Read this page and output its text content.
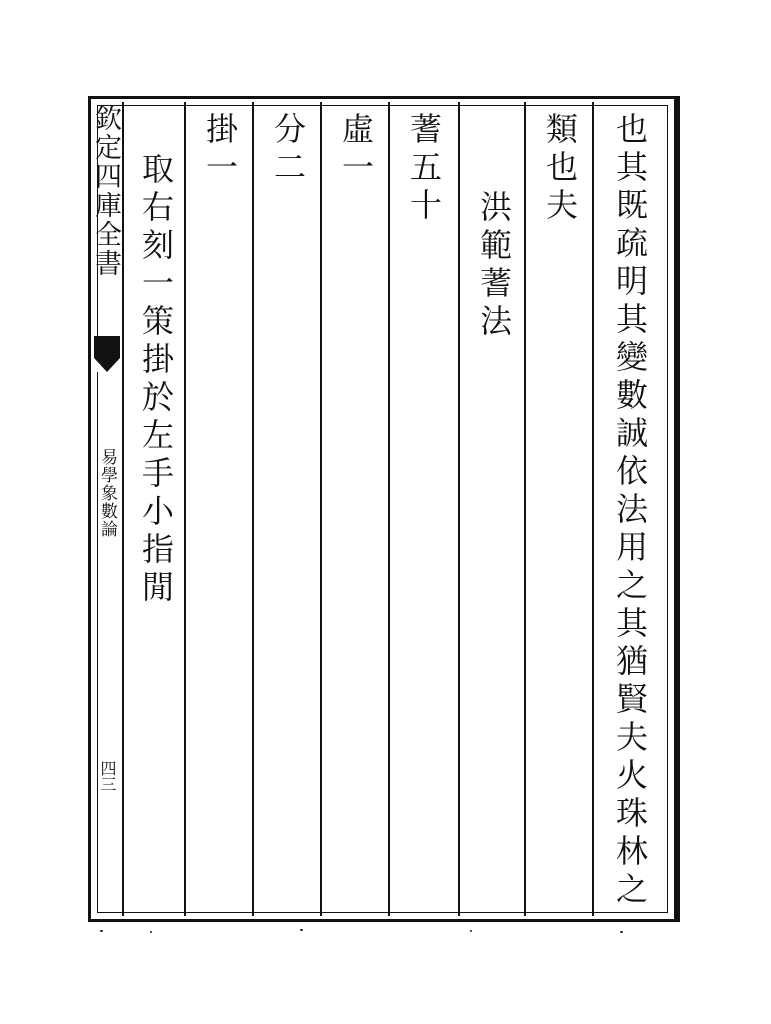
欽定四庫全書
易學象數論
四三	也其既疏明其變數誠依法用之其猶賢夫火珠林之
類也夫
洪範蓍法
蓍五十
虛一
分二
掛一
取右刻一策掛於左手小指閒
